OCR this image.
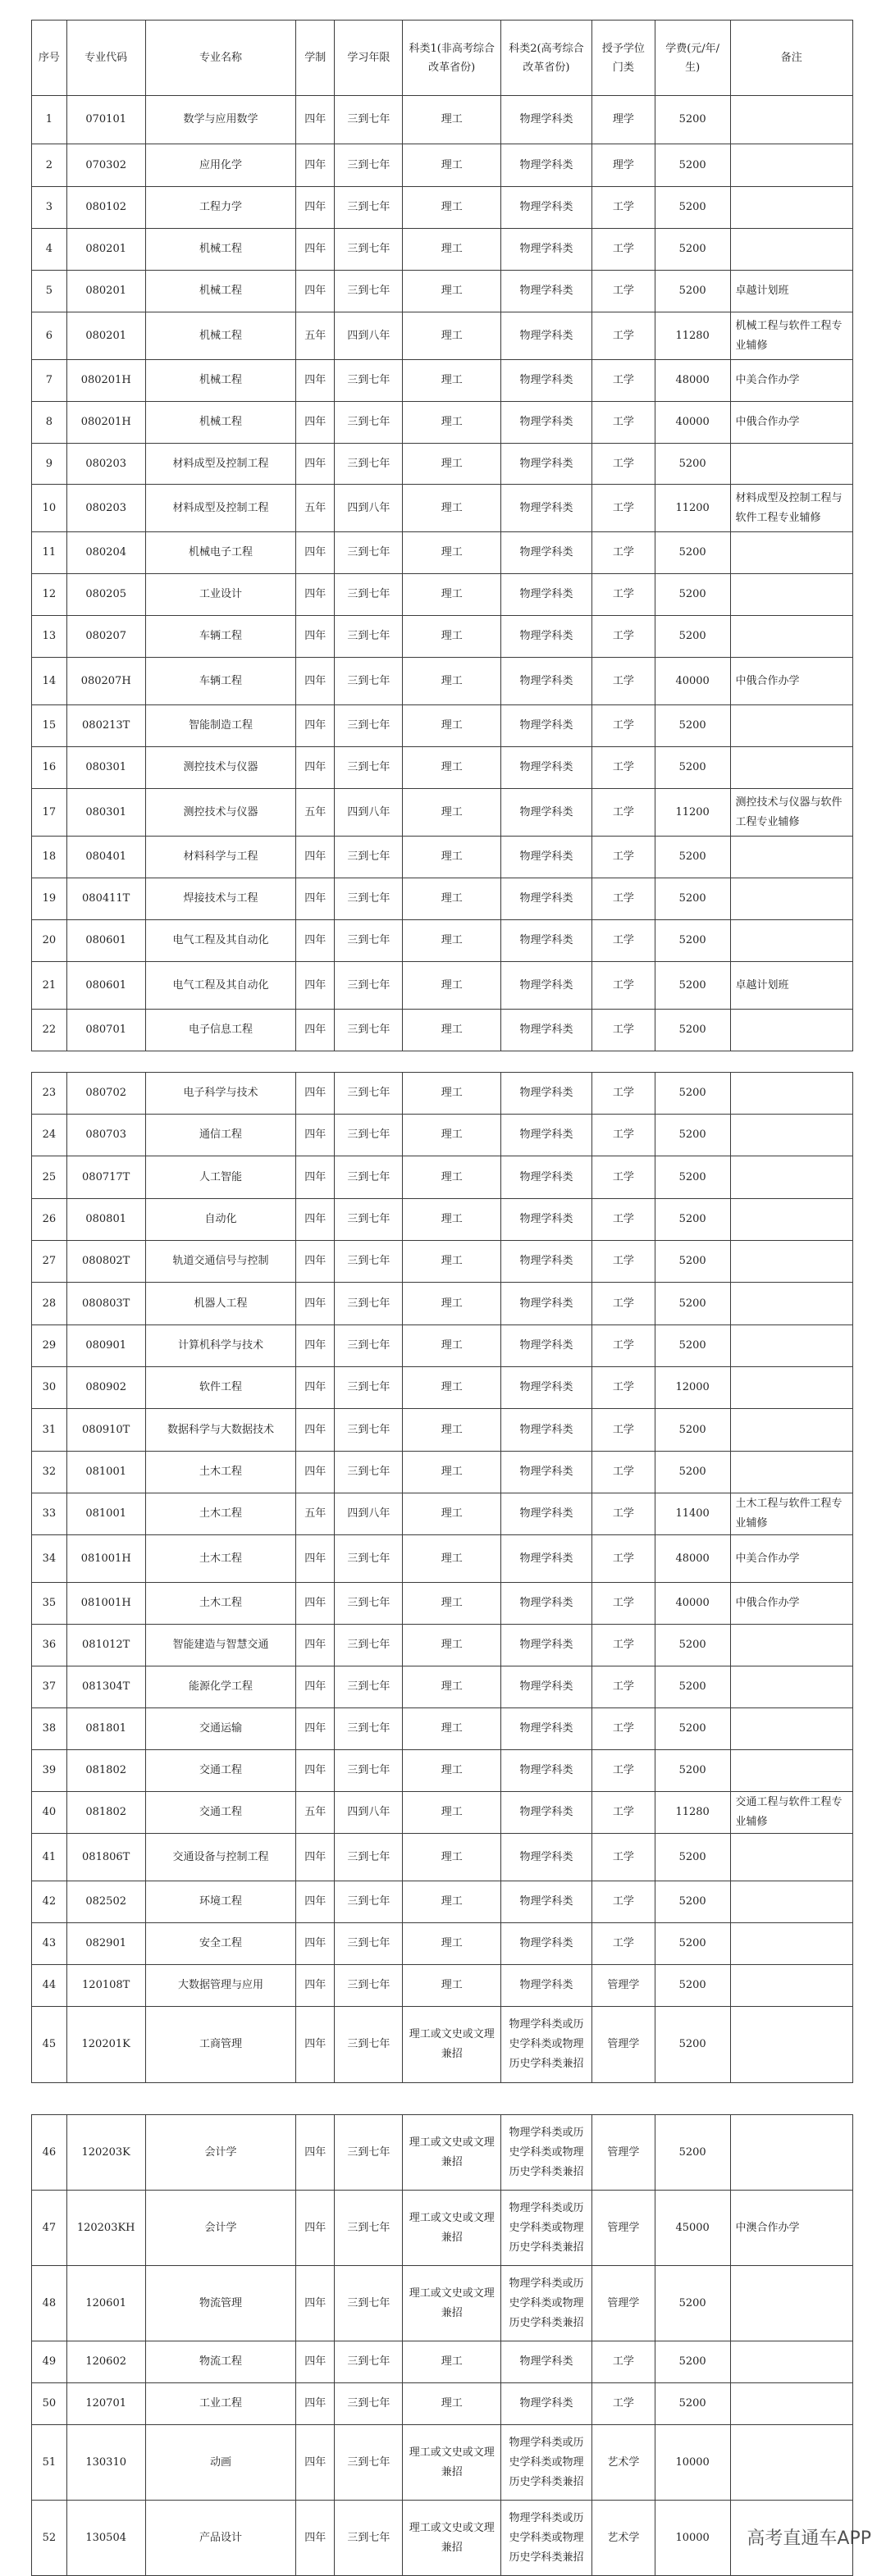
序号	专业代码	专业名称	学制	学习年限	科类1(非高考综合改革省份)	科类2(高考综合改革省份)	授予学位门类	学费(元/年/生)	备注
1	070101	数学与应用数学	四年	三到七年	理工	物理学科类	理学	5200	
2	070302	应用化学	四年	三到七年	理工	物理学科类	理学	5200	
3	080102	工程力学	四年	三到七年	理工	物理学科类	工学	5200	
4	080201	机械工程	四年	三到七年	理工	物理学科类	工学	5200	
5	080201	机械工程	四年	三到七年	理工	物理学科类	工学	5200	卓越计划班
6	080201	机械工程	五年	四到八年	理工	物理学科类	工学	11280	机械工程与软件工程专业辅修
7	080201H	机械工程	四年	三到七年	理工	物理学科类	工学	48000	中美合作办学
8	080201H	机械工程	四年	三到七年	理工	物理学科类	工学	40000	中俄合作办学
9	080203	材料成型及控制工程	四年	三到七年	理工	物理学科类	工学	5200	
10	080203	材料成型及控制工程	五年	四到八年	理工	物理学科类	工学	11200	材料成型及控制工程与软件工程专业辅修
11	080204	机械电子工程	四年	三到七年	理工	物理学科类	工学	5200	
12	080205	工业设计	四年	三到七年	理工	物理学科类	工学	5200	
13	080207	车辆工程	四年	三到七年	理工	物理学科类	工学	5200	
14	080207H	车辆工程	四年	三到七年	理工	物理学科类	工学	40000	中俄合作办学
15	080213T	智能制造工程	四年	三到七年	理工	物理学科类	工学	5200	
16	080301	测控技术与仪器	四年	三到七年	理工	物理学科类	工学	5200	
17	080301	测控技术与仪器	五年	四到八年	理工	物理学科类	工学	11200	测控技术与仪器与软件工程专业辅修
18	080401	材料科学与工程	四年	三到七年	理工	物理学科类	工学	5200	
19	080411T	焊接技术与工程	四年	三到七年	理工	物理学科类	工学	5200	
20	080601	电气工程及其自动化	四年	三到七年	理工	物理学科类	工学	5200	
21	080601	电气工程及其自动化	四年	三到七年	理工	物理学科类	工学	5200	卓越计划班
22	080701	电子信息工程	四年	三到七年	理工	物理学科类	工学	5200	
23	080702	电子科学与技术	四年	三到七年	理工	物理学科类	工学	5200	
24	080703	通信工程	四年	三到七年	理工	物理学科类	工学	5200	
25	080717T	人工智能	四年	三到七年	理工	物理学科类	工学	5200	
26	080801	自动化	四年	三到七年	理工	物理学科类	工学	5200	
27	080802T	轨道交通信号与控制	四年	三到七年	理工	物理学科类	工学	5200	
28	080803T	机器人工程	四年	三到七年	理工	物理学科类	工学	5200	
29	080901	计算机科学与技术	四年	三到七年	理工	物理学科类	工学	5200	
30	080902	软件工程	四年	三到七年	理工	物理学科类	工学	12000	
31	080910T	数据科学与大数据技术	四年	三到七年	理工	物理学科类	工学	5200	
32	081001	土木工程	四年	三到七年	理工	物理学科类	工学	5200	
33	081001	土木工程	五年	四到八年	理工	物理学科类	工学	11400	土木工程与软件工程专业辅修
34	081001H	土木工程	四年	三到七年	理工	物理学科类	工学	48000	中美合作办学
35	081001H	土木工程	四年	三到七年	理工	物理学科类	工学	40000	中俄合作办学
36	081012T	智能建造与智慧交通	四年	三到七年	理工	物理学科类	工学	5200	
37	081304T	能源化学工程	四年	三到七年	理工	物理学科类	工学	5200	
38	081801	交通运输	四年	三到七年	理工	物理学科类	工学	5200	
39	081802	交通工程	四年	三到七年	理工	物理学科类	工学	5200	
40	081802	交通工程	五年	四到八年	理工	物理学科类	工学	11280	交通工程与软件工程专业辅修
41	081806T	交通设备与控制工程	四年	三到七年	理工	物理学科类	工学	5200	
42	082502	环境工程	四年	三到七年	理工	物理学科类	工学	5200	
43	082901	安全工程	四年	三到七年	理工	物理学科类	工学	5200	
44	120108T	大数据管理与应用	四年	三到七年	理工	物理学科类	管理学	5200	
45	120201K	工商管理	四年	三到七年	理工或文史或文理兼招	物理学科类或历史学科类或物理历史学科类兼招	管理学	5200	
46	120203K	会计学	四年	三到七年	理工或文史或文理兼招	物理学科类或历史学科类或物理历史学科类兼招	管理学	5200	
47	120203KH	会计学	四年	三到七年	理工或文史或文理兼招	物理学科类或历史学科类或物理历史学科类兼招	管理学	45000	中澳合作办学
48	120601	物流管理	四年	三到七年	理工或文史或文理兼招	物理学科类或历史学科类或物理历史学科类兼招	管理学	5200	
49	120602	物流工程	四年	三到七年	理工	物理学科类	工学	5200	
50	120701	工业工程	四年	三到七年	理工	物理学科类	工学	5200	
51	130310	动画	四年	三到七年	理工或文史或文理兼招	物理学科类或历史学科类或物理历史学科类兼招	艺术学	10000	
52	130504	产品设计	四年	三到七年	理工或文史或文理兼招	物理学科类或历史学科类或物理历史学科类兼招	艺术学	10000	高考直通车APP
